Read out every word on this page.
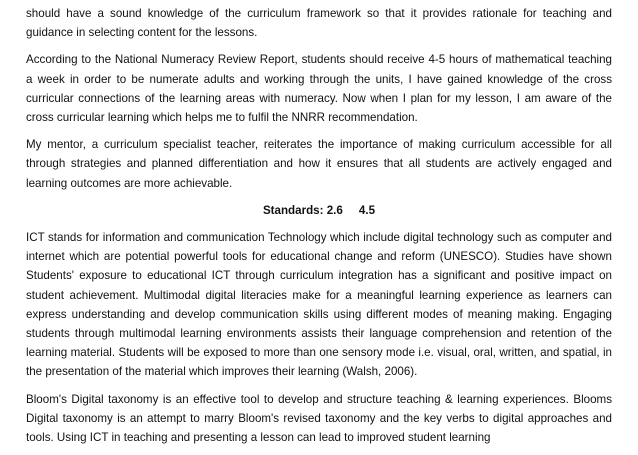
should have a sound knowledge of the curriculum framework so that it provides rationale for teaching and guidance in selecting content for the lessons.

According to the National Numeracy Review Report, students should receive 4-5 hours of mathematical teaching a week in order to be numerate adults and working through the units, I have gained knowledge of the cross curricular connections of the learning areas with numeracy. Now when I plan for my lesson, I am aware of the cross curricular learning which helps me to fulfil the NNRR recommendation.

My mentor, a curriculum specialist teacher, reiterates the importance of making curriculum accessible for all through strategies and planned differentiation and how it ensures that all students are actively engaged and learning outcomes are more achievable.

Standards: 2.6     4.5

ICT stands for information and communication Technology which include digital technology such as computer and internet which are potential powerful tools for educational change and reform (UNESCO). Studies have shown Students' exposure to educational ICT through curriculum integration has a significant and positive impact on student achievement. Multimodal digital literacies make for a meaningful learning experience as learners can express understanding and develop communication skills using different modes of meaning making. Engaging students through multimodal learning environments assists their language comprehension and retention of the learning material. Students will be exposed to more than one sensory mode i.e. visual, oral, written, and spatial, in the presentation of the material which improves their learning (Walsh, 2006).

Bloom's Digital taxonomy is an effective tool to develop and structure teaching & learning experiences. Blooms Digital taxonomy is an attempt to marry Bloom's revised taxonomy and the key verbs to digital approaches and tools. Using ICT in teaching and presenting a lesson can lead to improved student learning
